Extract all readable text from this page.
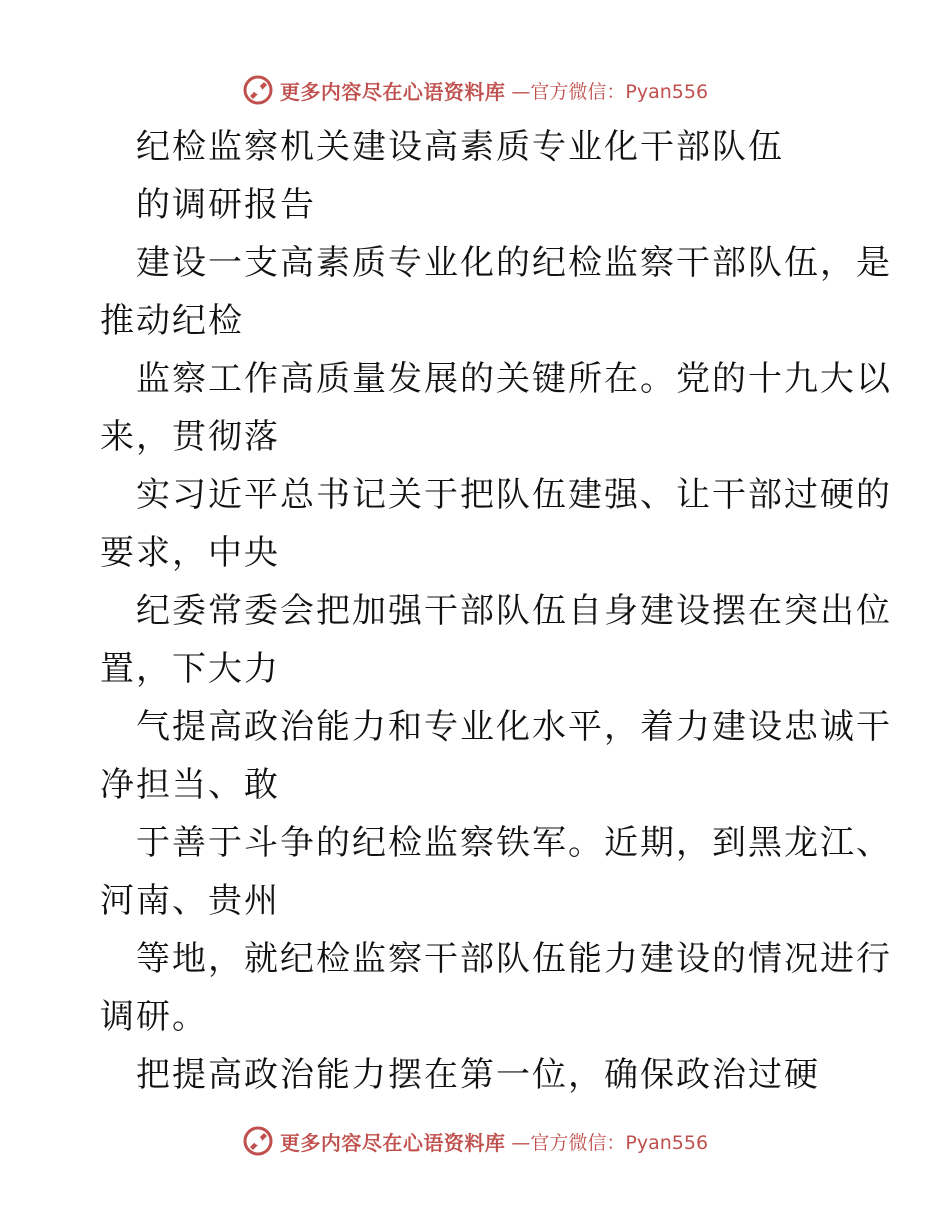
更多内容尽在心语资料库 —官方微信：Pyan556
纪检监察机关建设高素质专业化干部队伍
的调研报告
建设一支高素质专业化的纪检监察干部队伍，是
推动纪检
监察工作高质量发展的关键所在。党的十九大以
来，贯彻落
实习近平总书记关于把队伍建强、让干部过硬的
要求，中央
纪委常委会把加强干部队伍自身建设摆在突出位
置，下大力
气提高政治能力和专业化水平，着力建设忠诚干
净担当、敢
于善于斗争的纪检监察铁军。近期，到黑龙江、
河南、贵州
等地，就纪检监察干部队伍能力建设的情况进行
调研。
把提高政治能力摆在第一位，确保政治过硬
更多内容尽在心语资料库 —官方微信：Pyan556
